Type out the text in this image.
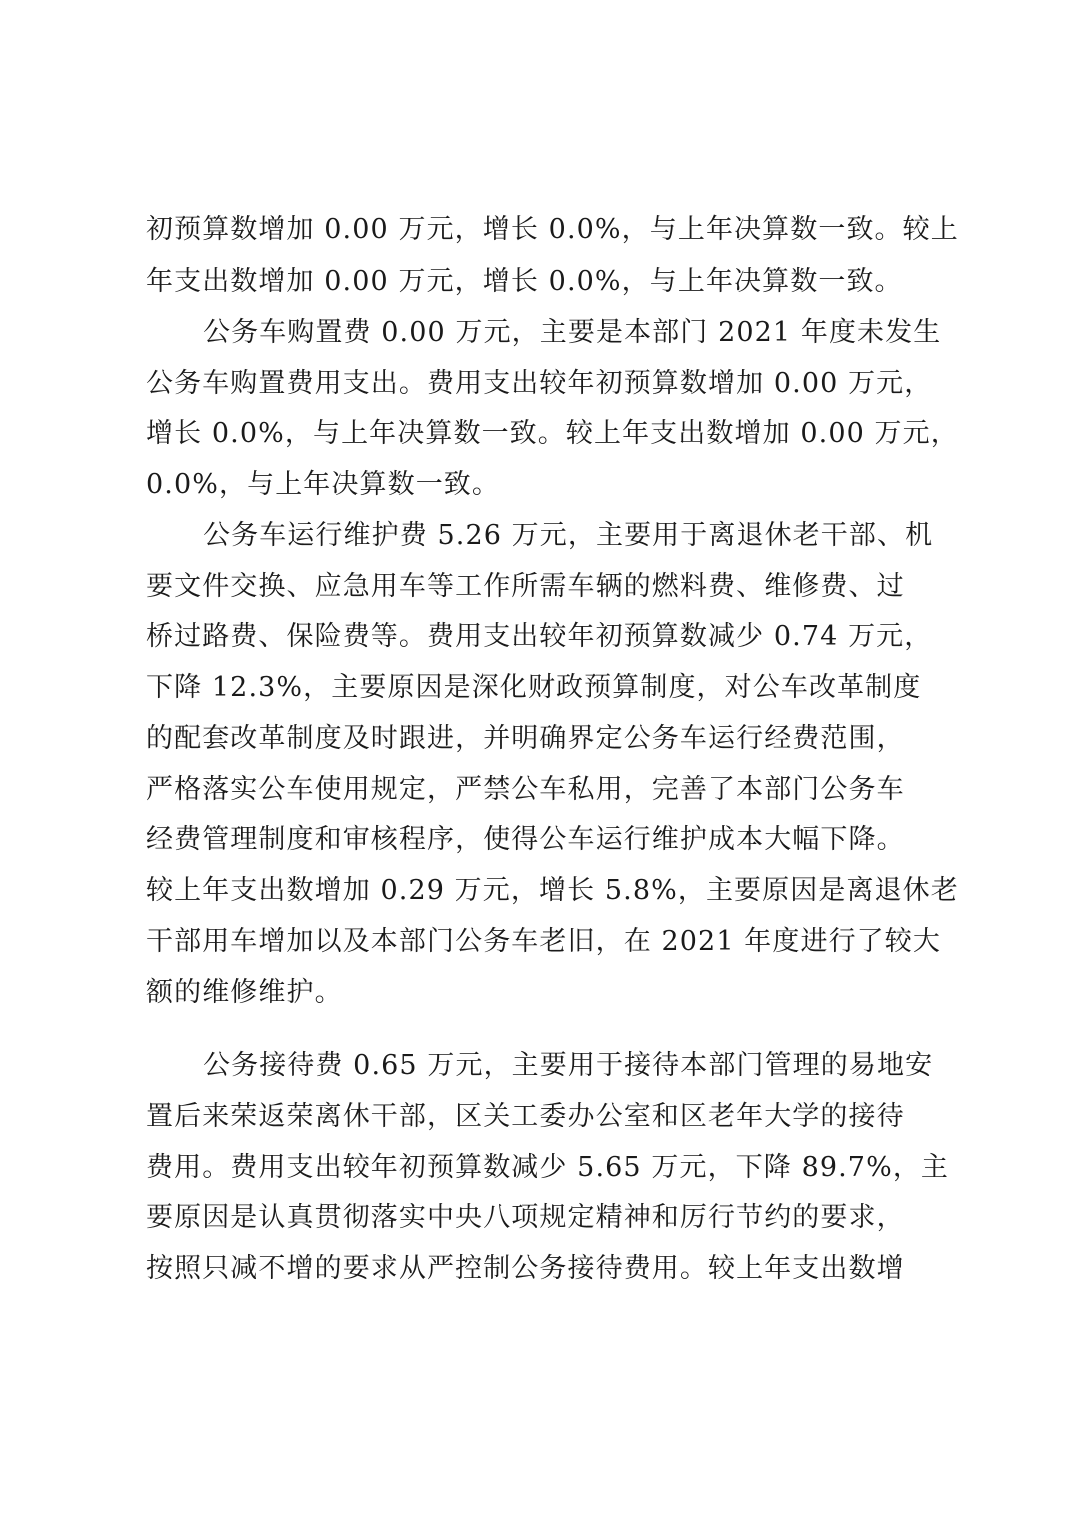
初预算数增加 0.00 万元，增长 0.0%，与上年决算数一致。较上
年支出数增加 0.00 万元，增长 0.0%，与上年决算数一致。
公务车购置费 0.00 万元，主要是本部门 2021 年度未发生
公务车购置费用支出。费用支出较年初预算数增加 0.00 万元，
增长 0.0%，与上年决算数一致。较上年支出数增加 0.00 万元，
0.0%，与上年决算数一致。
公务车运行维护费 5.26 万元，主要用于离退休老干部、机
要文件交换、应急用车等工作所需车辆的燃料费、维修费、过
桥过路费、保险费等。费用支出较年初预算数减少 0.74 万元，
下降 12.3%，主要原因是深化财政预算制度，对公车改革制度
的配套改革制度及时跟进，并明确界定公务车运行经费范围，
严格落实公车使用规定，严禁公车私用，完善了本部门公务车
经费管理制度和审核程序，使得公车运行维护成本大幅下降。
较上年支出数增加 0.29 万元，增长 5.8%，主要原因是离退休老
干部用车增加以及本部门公务车老旧，在 2021 年度进行了较大
额的维修维护。
公务接待费 0.65 万元，主要用于接待本部门管理的易地安
置后来荣返荣离休干部，区关工委办公室和区老年大学的接待
费用。费用支出较年初预算数减少 5.65 万元，下降 89.7%，主
要原因是认真贯彻落实中央八项规定精神和厉行节约的要求，
按照只减不增的要求从严控制公务接待费用。较上年支出数增
